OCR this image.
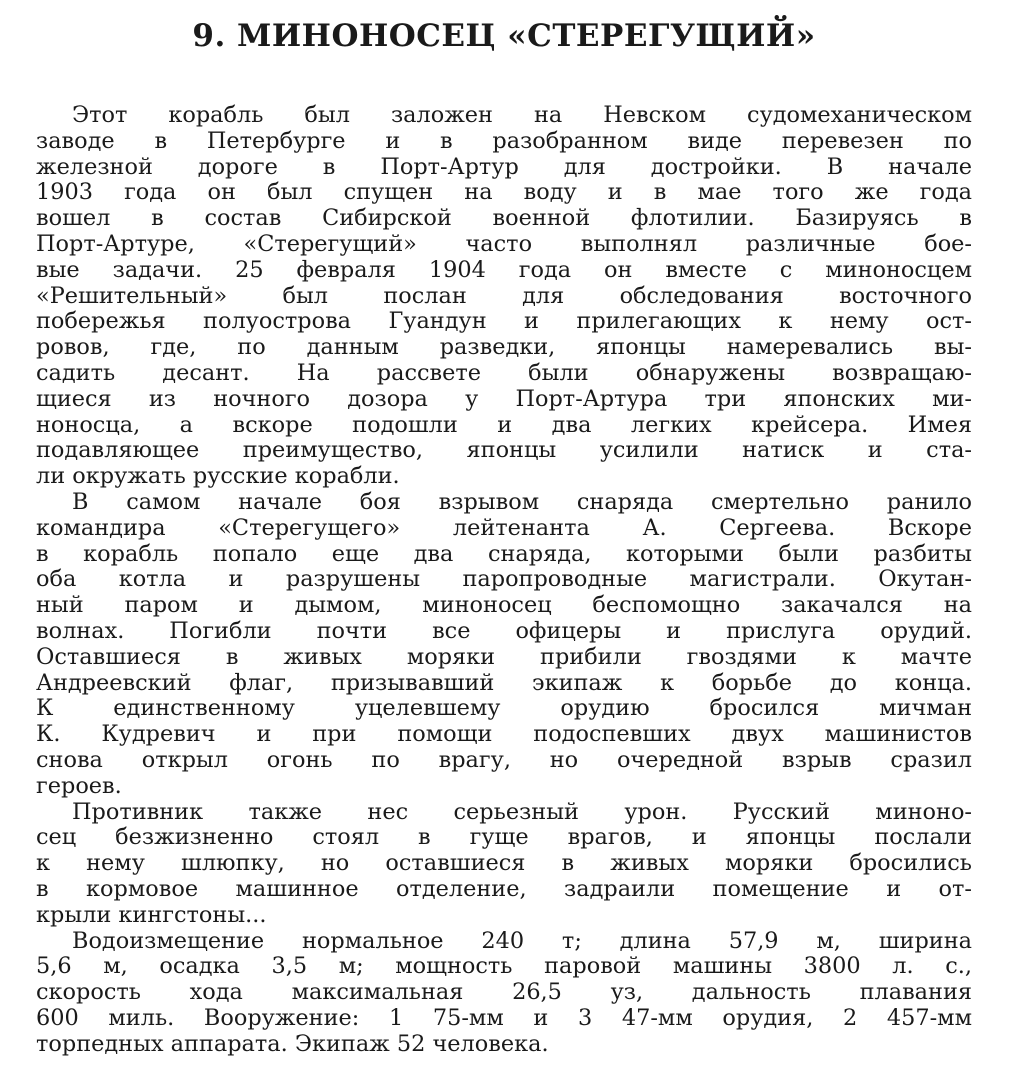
9. МИНОНОСЕЦ «СТЕРЕГУЩИЙ»
Этот корабль был заложен на Невском судомеханическом
заводе в Петербурге и в разобранном виде перевезен по
железной дороге в Порт-Артур для достройки. В начале
1903 года он был спущен на воду и в мае того же года
вошел в состав Сибирской военной флотилии. Базируясь в
Порт-Артуре, «Стерегущий» часто выполнял различные бое-
вые задачи. 25 февраля 1904 года он вместе с миноносцем
«Решительный» был послан для обследования восточного
побережья полуострова Гуандун и прилегающих к нему ост-
ровов, где, по данным разведки, японцы намеревались вы-
садить десант. На рассвете были обнаружены возвращаю-
щиеся из ночного дозора у Порт-Артура три японских ми-
ноносца, а вскоре подошли и два легких крейсера. Имея
подавляющее преимущество, японцы усилили натиск и ста-
ли окружать русские корабли.
В самом начале боя взрывом снаряда смертельно ранило
командира «Стерегущего» лейтенанта А. Сергеева. Вскоре
в корабль попало еще два снаряда, которыми были разбиты
оба котла и разрушены паропроводные магистрали. Окутан-
ный паром и дымом, миноносец беспомощно закачался на
волнах. Погибли почти все офицеры и прислуга орудий.
Оставшиеся в живых моряки прибили гвоздями к мачте
Андреевский флаг, призывавший экипаж к борьбе до конца.
К единственному уцелевшему орудию бросился мичман
К. Кудревич и при помощи подоспевших двух машинистов
снова открыл огонь по врагу, но очередной взрыв сразил
героев.
Противник также нес серьезный урон. Русский миноно-
сец безжизненно стоял в гуще врагов, и японцы послали
к нему шлюпку, но оставшиеся в живых моряки бросились
в кормовое машинное отделение, задраили помещение и от-
крыли кингстоны...
Водоизмещение нормальное 240 т; длина 57,9 м, ширина
5,6 м, осадка 3,5 м; мощность паровой машины 3800 л. с.,
скорость хода максимальная 26,5 уз, дальность плавания
600 миль. Вооружение: 1 75-мм и 3 47-мм орудия, 2 457-мм
торпедных аппарата. Экипаж 52 человека.
